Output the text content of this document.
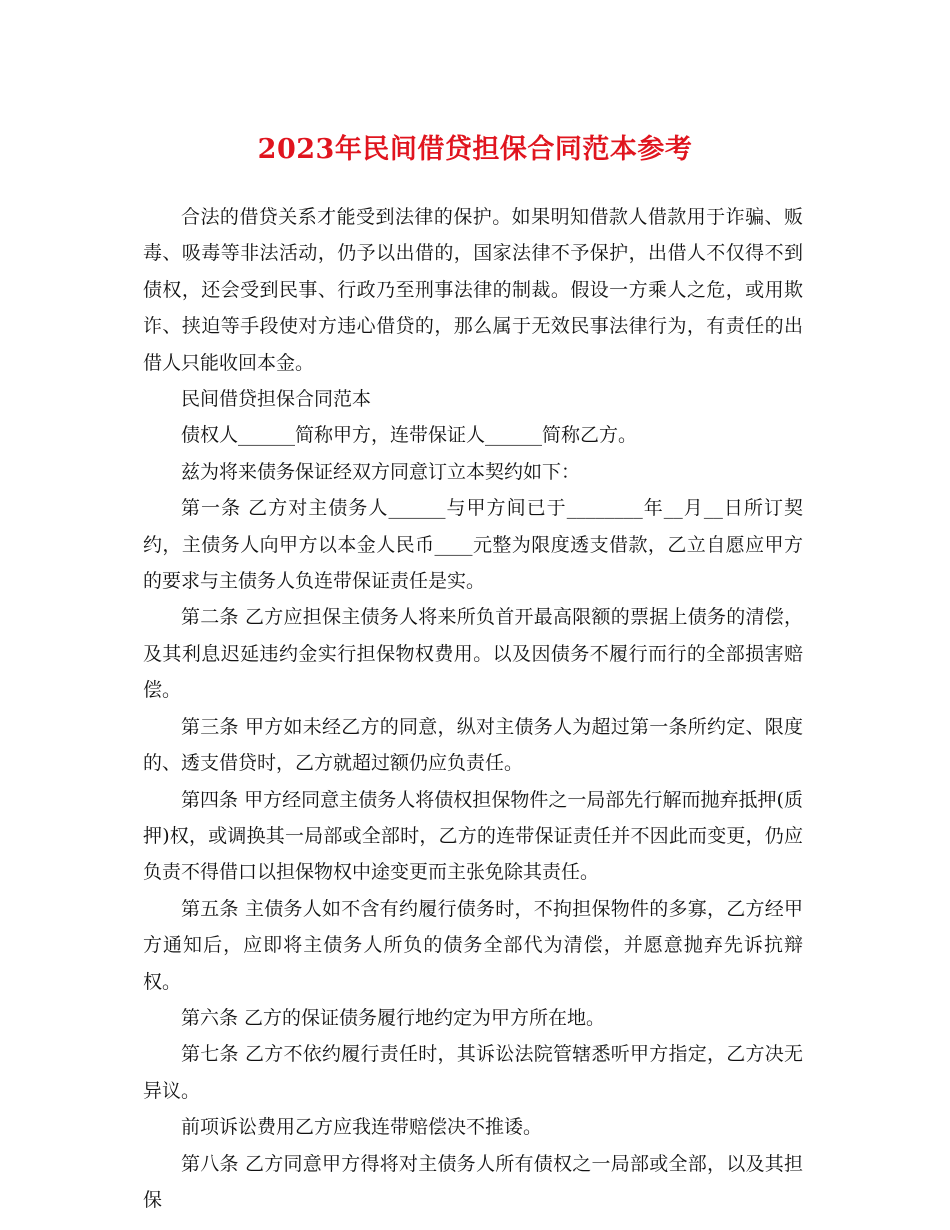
2023年民间借贷担保合同范本参考

合法的借贷关系才能受到法律的保护。如果明知借款人借款用于诈骗、贩毒、吸毒等非法活动，仍予以出借的，国家法律不予保护，出借人不仅得不到债权，还会受到民事、行政乃至刑事法律的制裁。假设一方乘人之危，或用欺诈、挟迫等手段使对方违心借贷的，那么属于无效民事法律行为，有责任的出借人只能收回本金。

民间借贷担保合同范本

债权人______简称甲方，连带保证人______简称乙方。

兹为将来债务保证经双方同意订立本契约如下：

第一条 乙方对主债务人______与甲方间已于________年__月__日所订契约，主债务人向甲方以本金人民币____元整为限度透支借款，乙立自愿应甲方的要求与主债务人负连带保证责任是实。

第二条 乙方应担保主债务人将来所负首开最高限额的票据上债务的清偿，及其利息迟延违约金实行担保物权费用。以及因债务不履行而行的全部损害赔偿。

第三条 甲方如未经乙方的同意，纵对主债务人为超过第一条所约定、限度的、透支借贷时，乙方就超过额仍应负责任。

第四条 甲方经同意主债务人将债权担保物件之一局部先行解而抛弃抵押(质押)权，或调换其一局部或全部时，乙方的连带保证责任并不因此而变更，仍应负责不得借口以担保物权中途变更而主张免除其责任。

第五条 主债务人如不含有约履行债务时，不拘担保物件的多寡，乙方经甲方通知后，应即将主债务人所负的债务全部代为清偿，并愿意抛弃先诉抗辩权。

第六条 乙方的保证债务履行地约定为甲方所在地。

第七条 乙方不依约履行责任时，其诉讼法院管辖悉听甲方指定，乙方决无异议。

前项诉讼费用乙方应我连带赔偿决不推诿。

第八条 乙方同意甲方得将对主债务人所有债权之一局部或全部，以及其担保
